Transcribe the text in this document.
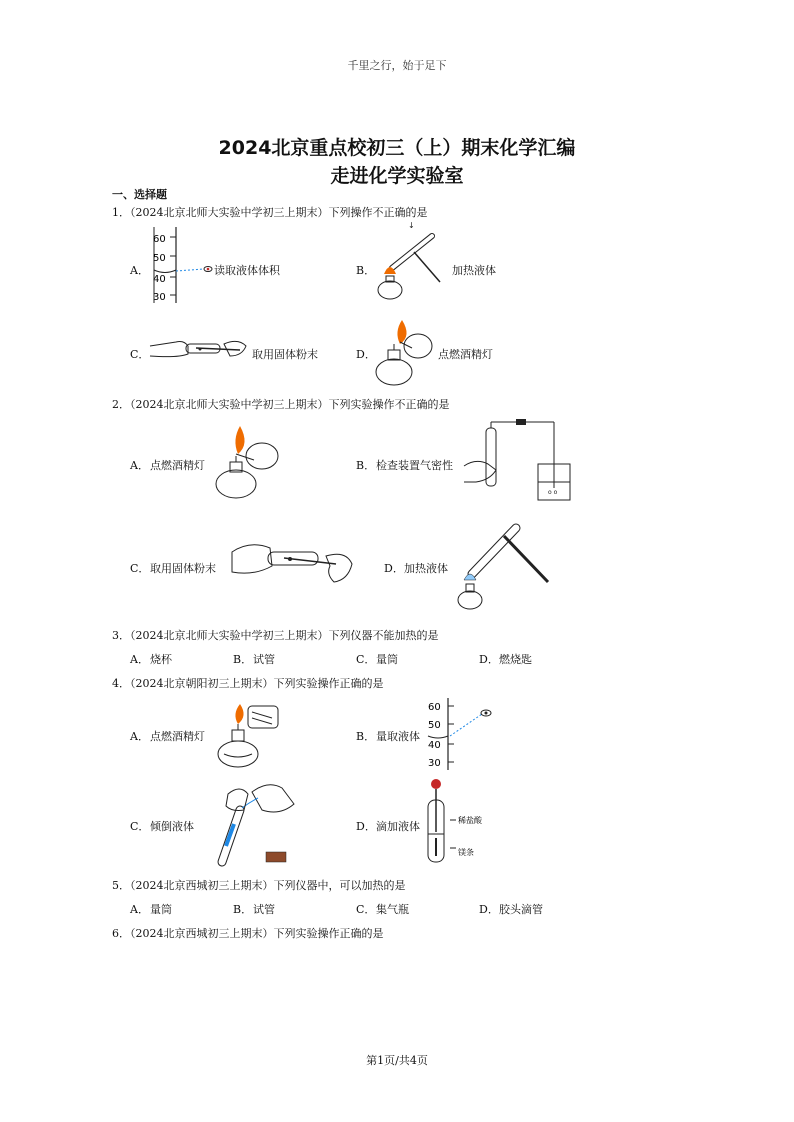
千里之行，始于足下
2024北京重点校初三（上）期末化学汇编
走进化学实验室
一、选择题
1．（2024北京北师大实验中学初三上期末）下列操作不正确的是
A．
60
50
40
30
读取液体体积	B．
↓
加热液体
C．	取用固体粉末	D．	点燃酒精灯
2．（2024北京北师大实验中学初三上期末）下列实验操作不正确的是
A．	B．
o o
点燃酒精灯	检查装置气密性
C． 取用固体粉末	D． 加热液体
3．（2024北京北师大实验中学初三上期末）下列仪器不能加热的是
A． 烧杯	B． 试管	C． 量筒	D． 燃烧匙
4．（2024北京朝阳初三上期末）下列实验操作正确的是
A． 点燃酒精灯	B． 量取液体
60
50
40
30
C． 倾倒液体	D． 滴加液体	稀盐酸
镁条
5．（2024北京西城初三上期末）下列仪器中，可以加热的是
A． 量筒	B． 试管	C． 集气瓶	D． 胶头滴管
6．（2024北京西城初三上期末）下列实验操作正确的是
第1页/共4页
